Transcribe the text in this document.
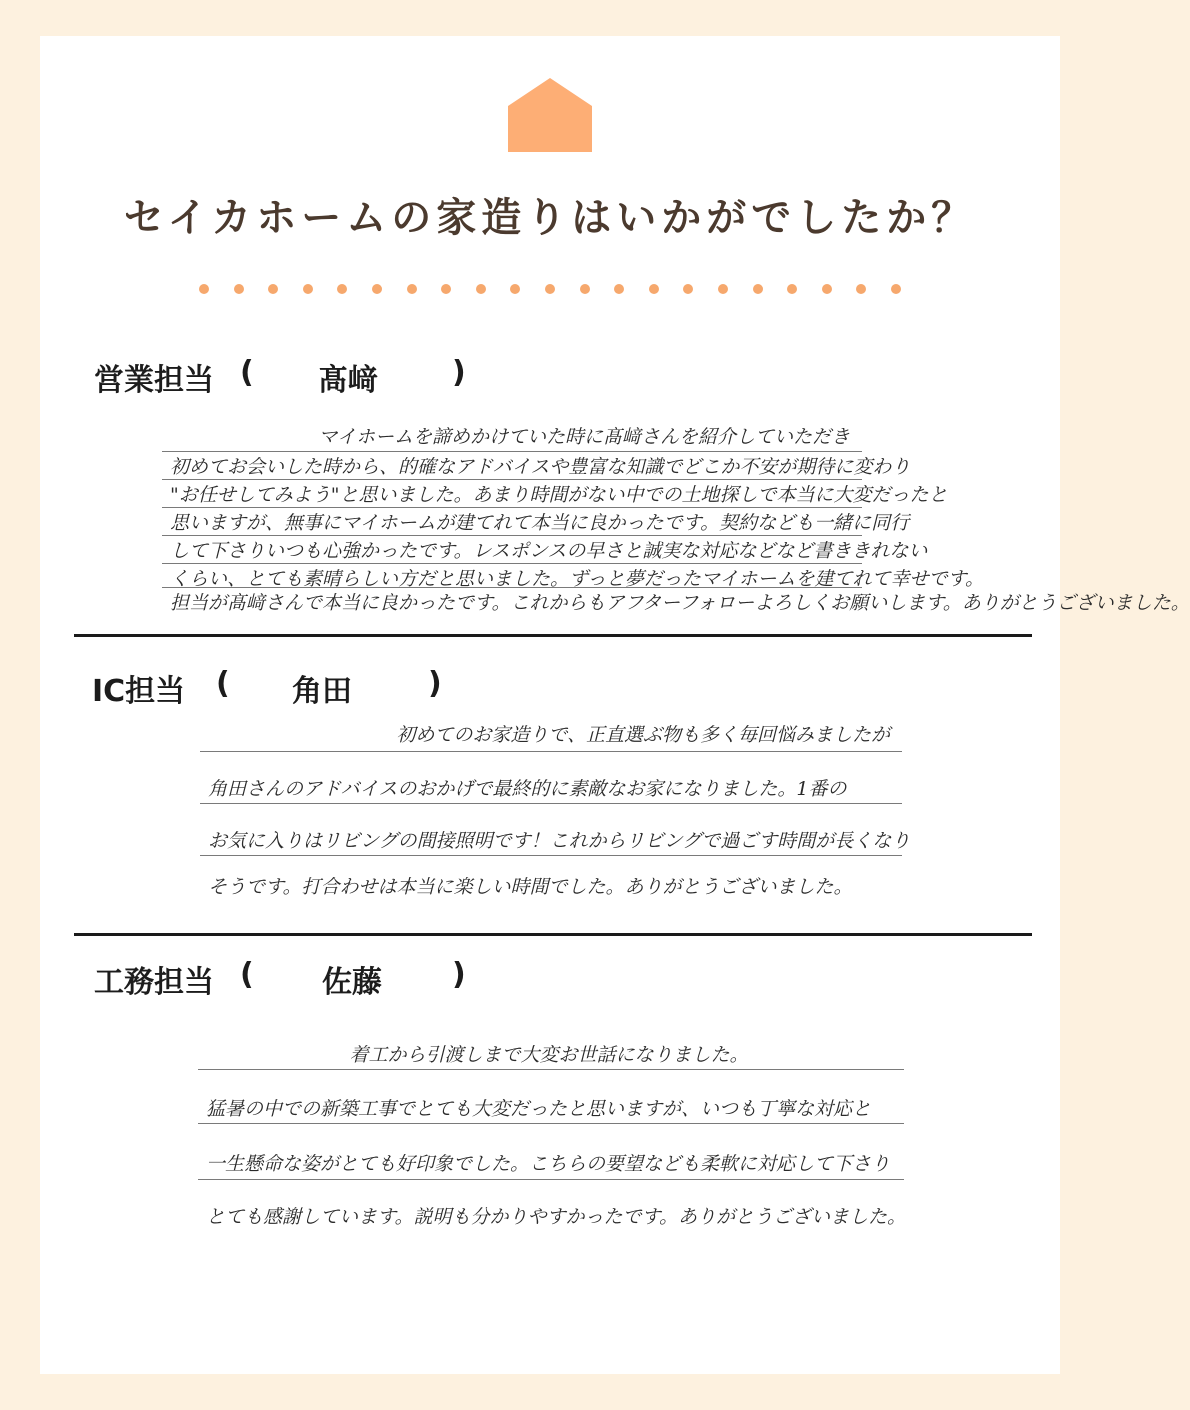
セイカホームの家造りはいかがでしたか？
営業担当 ( 髙﨑 )
マイホームを諦めかけていた時に髙﨑さんを紹介していただき
初めてお会いした時から、的確なアドバイスや豊富な知識でどこか不安が期待に変わり
"お任せしてみよう"と思いました。あまり時間がない中での土地探しで本当に大変だったと
思いますが、無事にマイホームが建てれて本当に良かったです。契約なども一緒に同行
して下さりいつも心強かったです。レスポンスの早さと誠実な対応などなど書ききれない
くらい、とても素晴らしい方だと思いました。ずっと夢だったマイホームを建てれて幸せです。
担当が髙﨑さんで本当に良かったです。これからもアフターフォローよろしくお願いします。ありがとうございました。
IC担当 ( 角田	)
初めてのお家造りで、正直選ぶ物も多く毎回悩みましたが
角田さんのアドバイスのおかげで最終的に素敵なお家になりました。1番の
お気に入りはリビングの間接照明です！これからリビングで過ごす時間が長くなり
そうです。打合わせは本当に楽しい時間でした。ありがとうございました。
工務担当 ( 佐藤 )
着工から引渡しまで大変お世話になりました。
猛暑の中での新築工事でとても大変だったと思いますが、いつも丁寧な対応と
一生懸命な姿がとても好印象でした。こちらの要望なども柔軟に対応して下さり
とても感謝しています。説明も分かりやすかったです。ありがとうございました。
